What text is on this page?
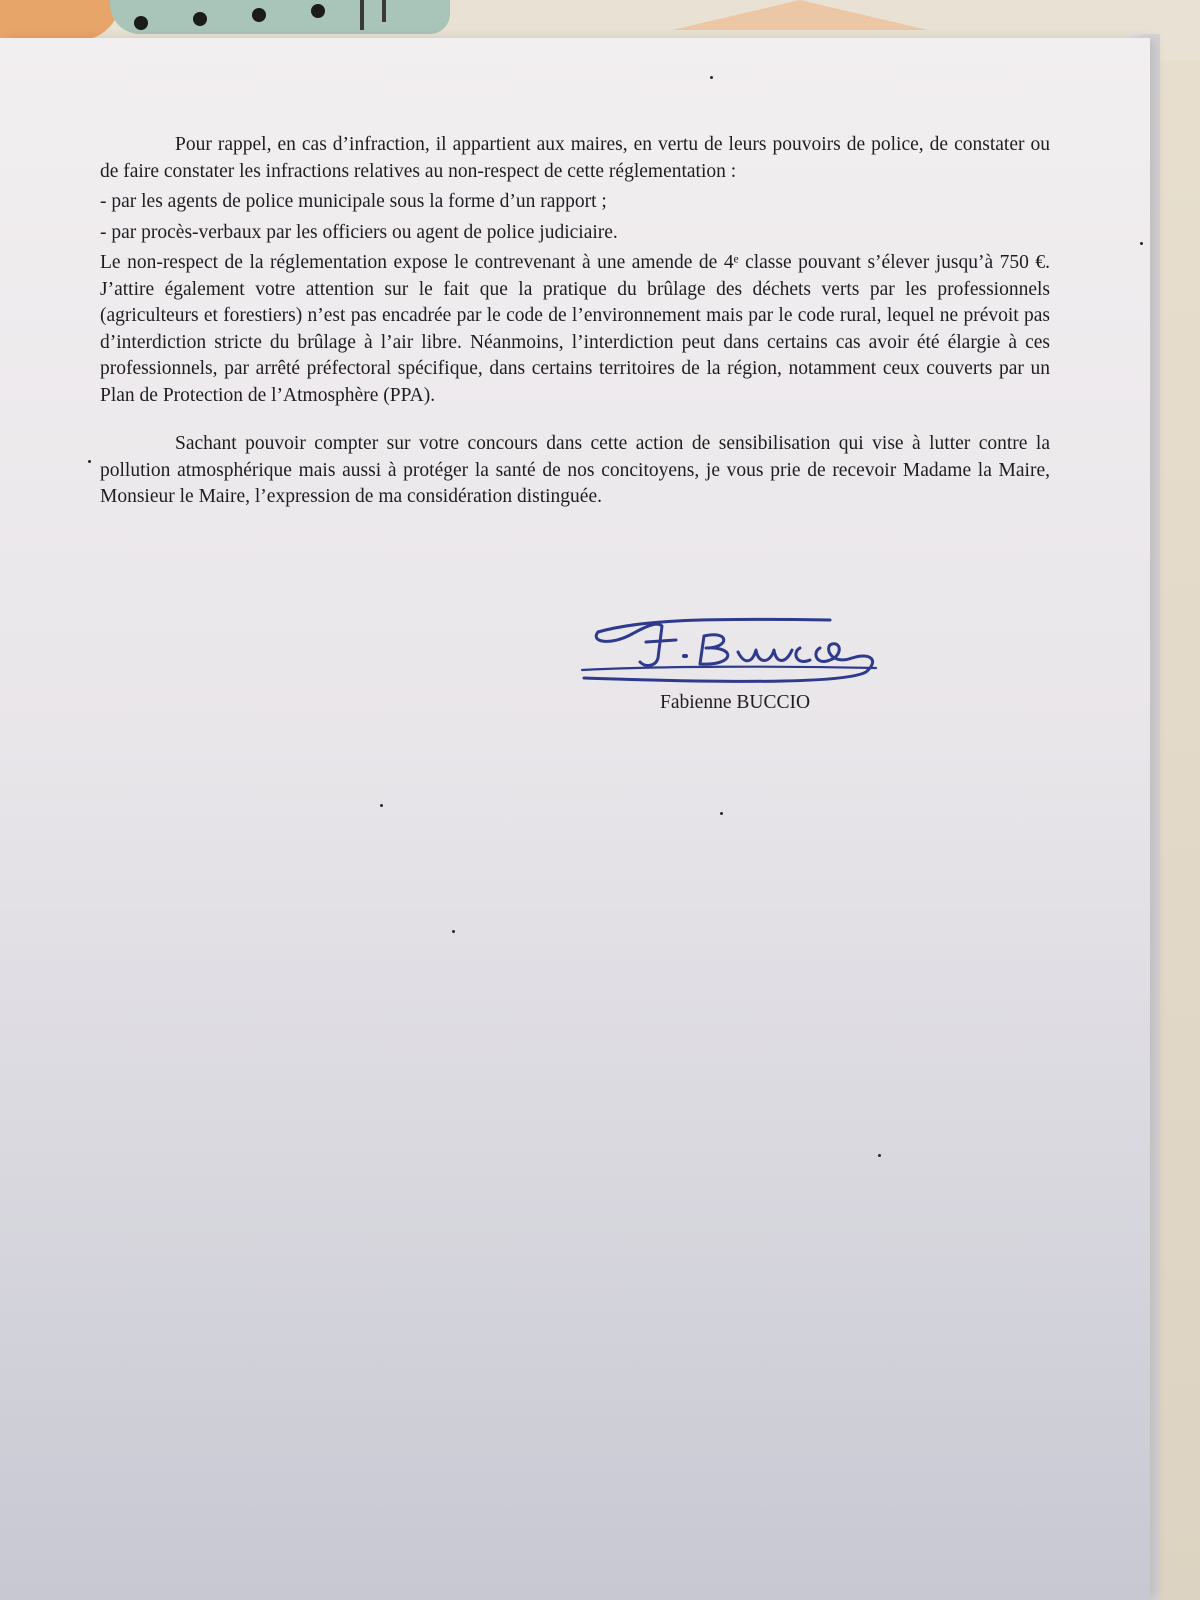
Pour rappel, en cas d’infraction, il appartient aux maires, en vertu de leurs pouvoirs de police, de constater ou de faire constater les infractions relatives au non-respect de cette réglementation :

- par les agents de police municipale sous la forme d’un rapport ;

- par procès-verbaux par les officiers ou agent de police judiciaire.

Le non-respect de la réglementation expose le contrevenant à une amende de 4ᵉ classe pouvant s’élever jusqu’à 750 €. J’attire également votre attention sur le fait que la pratique du brûlage des déchets verts par les professionnels (agriculteurs et forestiers) n’est pas encadrée par le code de l’environnement mais par le code rural, lequel ne prévoit pas d’interdiction stricte du brûlage à l’air libre. Néanmoins, l’interdiction peut dans certains cas avoir été élargie à ces professionnels, par arrêté préfectoral spécifique, dans certains territoires de la région, notamment ceux couverts par un Plan de Protection de l’Atmosphère (PPA).

Sachant pouvoir compter sur votre concours dans cette action de sensibilisation qui vise à lutter contre la pollution atmosphérique mais aussi à protéger la santé de nos concitoyens, je vous prie de recevoir Madame la Maire, Monsieur le Maire, l’expression de ma considération distinguée.

Fabienne BUCCIO
